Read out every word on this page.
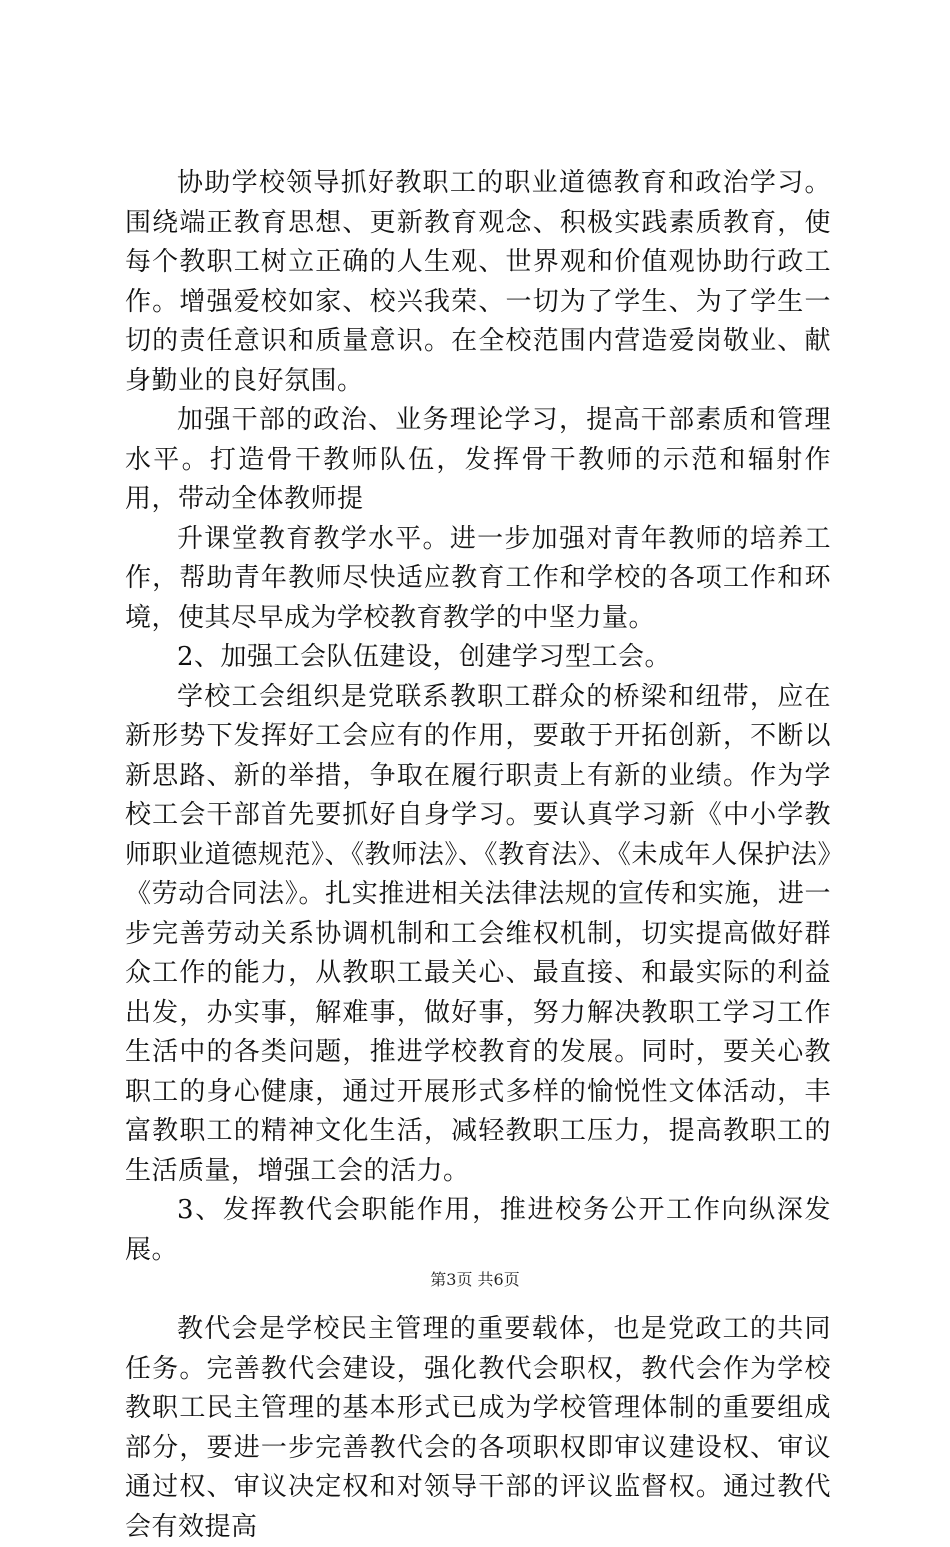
协助学校领导抓好教职工的职业道德教育和政治学习。围绕端正教育思想、更新教育观念、积极实践素质教育，使每个教职工树立正确的人生观、世界观和价值观协助行政工作。增强爱校如家、校兴我荣、一切为了学生、为了学生一切的责任意识和质量意识。在全校范围内营造爱岗敬业、献身勤业的良好氛围。

加强干部的政治、业务理论学习，提高干部素质和管理水平。打造骨干教师队伍，发挥骨干教师的示范和辐射作用，带动全体教师提

升课堂教育教学水平。进一步加强对青年教师的培养工作，帮助青年教师尽快适应教育工作和学校的各项工作和环境，使其尽早成为学校教育教学的中坚力量。

2、加强工会队伍建设，创建学习型工会。

学校工会组织是党联系教职工群众的桥梁和纽带，应在新形势下发挥好工会应有的作用，要敢于开拓创新，不断以新思路、新的举措，争取在履行职责上有新的业绩。作为学校工会干部首先要抓好自身学习。要认真学习新《中小学教师职业道德规范》、《教师法》、《教育法》、《未成年人保护法》《劳动合同法》。扎实推进相关法律法规的宣传和实施，进一步完善劳动关系协调机制和工会维权机制，切实提高做好群众工作的能力，从教职工最关心、最直接、和最实际的利益出发，办实事，解难事，做好事，努力解决教职工学习工作生活中的各类问题，推进学校教育的发展。同时，要关心教职工的身心健康，通过开展形式多样的愉悦性文体活动，丰富教职工的精神文化生活，减轻教职工压力，提高教职工的生活质量，增强工会的活力。

3、发挥教代会职能作用，推进校务公开工作向纵深发展。

教代会是学校民主管理的重要载体，也是党政工的共同任务。完善教代会建设，强化教代会职权，教代会作为学校教职工民主管理的基本形式已成为学校管理体制的重要组成部分，要进一步完善教代会的各项职权即审议建设权、审议通过权、审议决定权和对领导干部的评议监督权。通过教代会有效提高

第3页 共6页
